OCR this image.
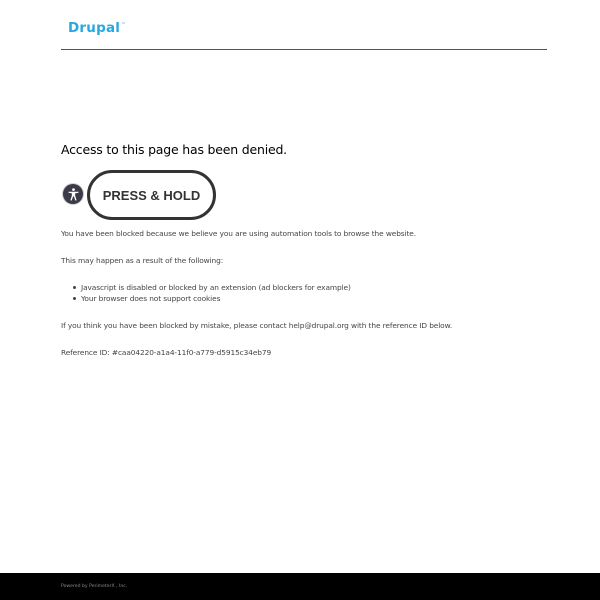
Drupal™
Access to this page has been denied.
PRESS & HOLD
You have been blocked because we believe you are using automation tools to browse the website.
This may happen as a result of the following:
Javascript is disabled or blocked by an extension (ad blockers for example)
Your browser does not support cookies
If you think you have been blocked by mistake, please contact help@drupal.org with the reference ID below.
Reference ID: #caa04220-a1a4-11f0-a779-d5915c34eb79
Powered by PerimeterX , Inc.
